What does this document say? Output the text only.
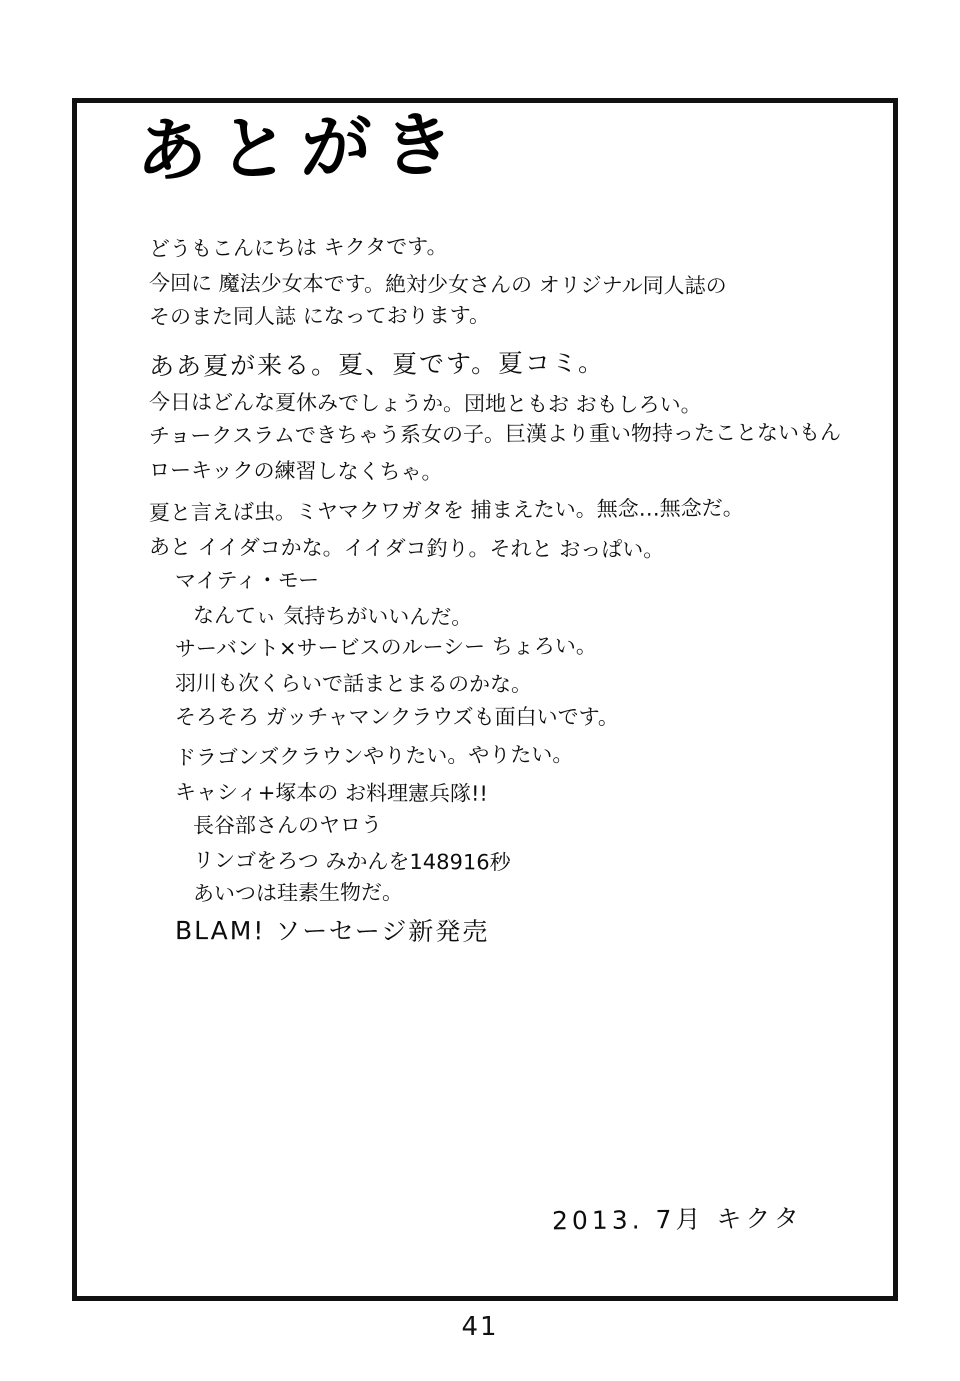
あとがき
どうもこんにちは キクタです。
今回に 魔法少女本です。絶対少女さんの オリジナル同人誌の
そのまた同人誌 になっております。
ああ夏が来る。夏、夏です。夏コミ。
今日はどんな夏休みでしょうか。団地ともお おもしろい。
チョークスラムできちゃう系女の子。巨漢より重い物持ったことないもん
ローキックの練習しなくちゃ。
夏と言えば虫。ミヤマクワガタを 捕まえたい。無念…無念だ。
あと イイダコかな。イイダコ釣り。それと おっぱい。
マイティ・モー
なんてぃ 気持ちがいいんだ。
サーバント×サービスのルーシー ちょろい。
羽川も次くらいで話まとまるのかな。
そろそろ ガッチャマンクラウズも面白いです。
ドラゴンズクラウンやりたい。やりたい。
キャシィ+塚本の お料理憲兵隊!!
長谷部さんのヤロう
リンゴをろつ みかんを148916秒
あいつは珪素生物だ。
BLAM! ソーセージ新発売
2013. 7月 キクタ
41
